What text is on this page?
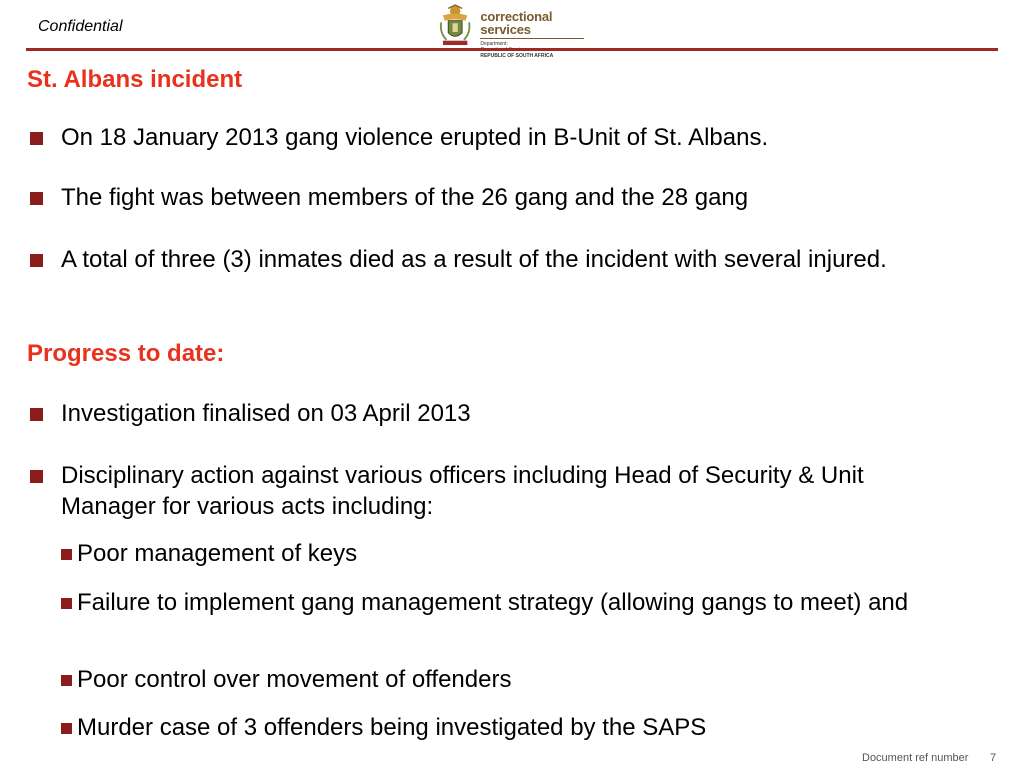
Confidential
correctional services
Department:
REPUBLIC OF SOUTH AFRICA
St. Albans incident
On 18 January 2013 gang violence erupted in B-Unit of St. Albans.
The fight was between members of the 26 gang and the 28 gang
A total of three (3) inmates died as a result of the incident with several injured.
Progress to date:
Investigation finalised on 03 April 2013
Disciplinary action against various officers including Head of Security & Unit Manager for various acts including:
Poor management of keys
Failure to implement gang management strategy (allowing gangs to meet) and
Poor control over movement of offenders
Murder case of 3 offenders being investigated by the SAPS
Document ref number 7
